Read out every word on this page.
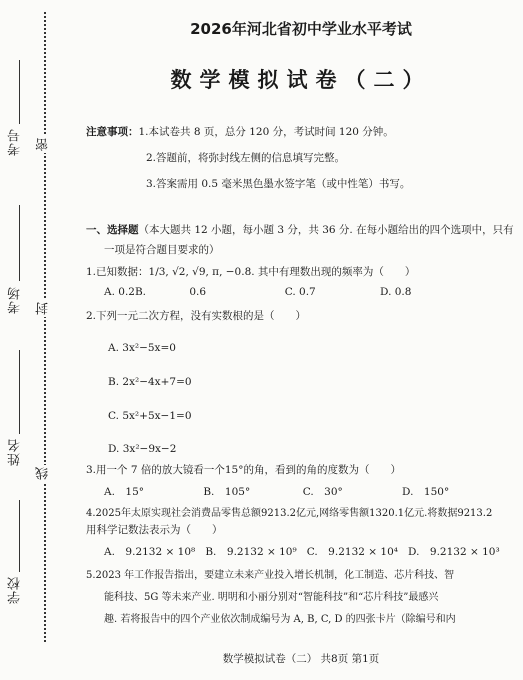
考号
考场
姓名
学校
密
封
线
2026年河北省初中学业水平考试
数学模拟试卷（二）
注意事项：1.本试卷共 8 页，总分 120 分，考试时间 120 分钟。
2.答题前，将弥封线左侧的信息填写完整。
3.答案需用 0.5 毫米黑色墨水签字笔（或中性笔）书写。
一、选择题（本大题共 12 小题，每小题 3 分，共 36 分. 在每小题给出的四个选项中，只有
一项是符合题目要求的）
1.已知数据：1/3, √2, √9, π, −0.8. 其中有理数出现的频率为（　　）
A. 0.2B.	0.6	C. 0.7	D. 0.8
2.下列一元二次方程，没有实数根的是（　　）
A. 3x²−5x=0
B. 2x²−4x+7=0
C. 5x²+5x−1=0
D. 3x²−9x−2
3.用一个 7 倍的放大镜看一个15°的角，看到的角的度数为（　　）
A.　15°	B.　105°	C.　30°	D.　150°
4.2025年太原实现社会消费品零售总额9213.2亿元,网络零售额1320.1亿元.将数据9213.2
用科学记数法表示为（　　）
A.　9.2132 × 10⁸ B.　9.2132 × 10⁹ C.　9.2132 × 10⁴ D.　9.2132 × 10³
5.2023 年工作报告指出，要建立未来产业投入增长机制，化工制造、芯片科技、智
能科技、5G 等未来产业. 明明和小丽分别对“智能科技”和“芯片科技”最感兴
趣. 若将报告中的四个产业依次制成编号为 A, B, C, D 的四张卡片（除编号和内
数学模拟试卷（二） 共8页 第1页
